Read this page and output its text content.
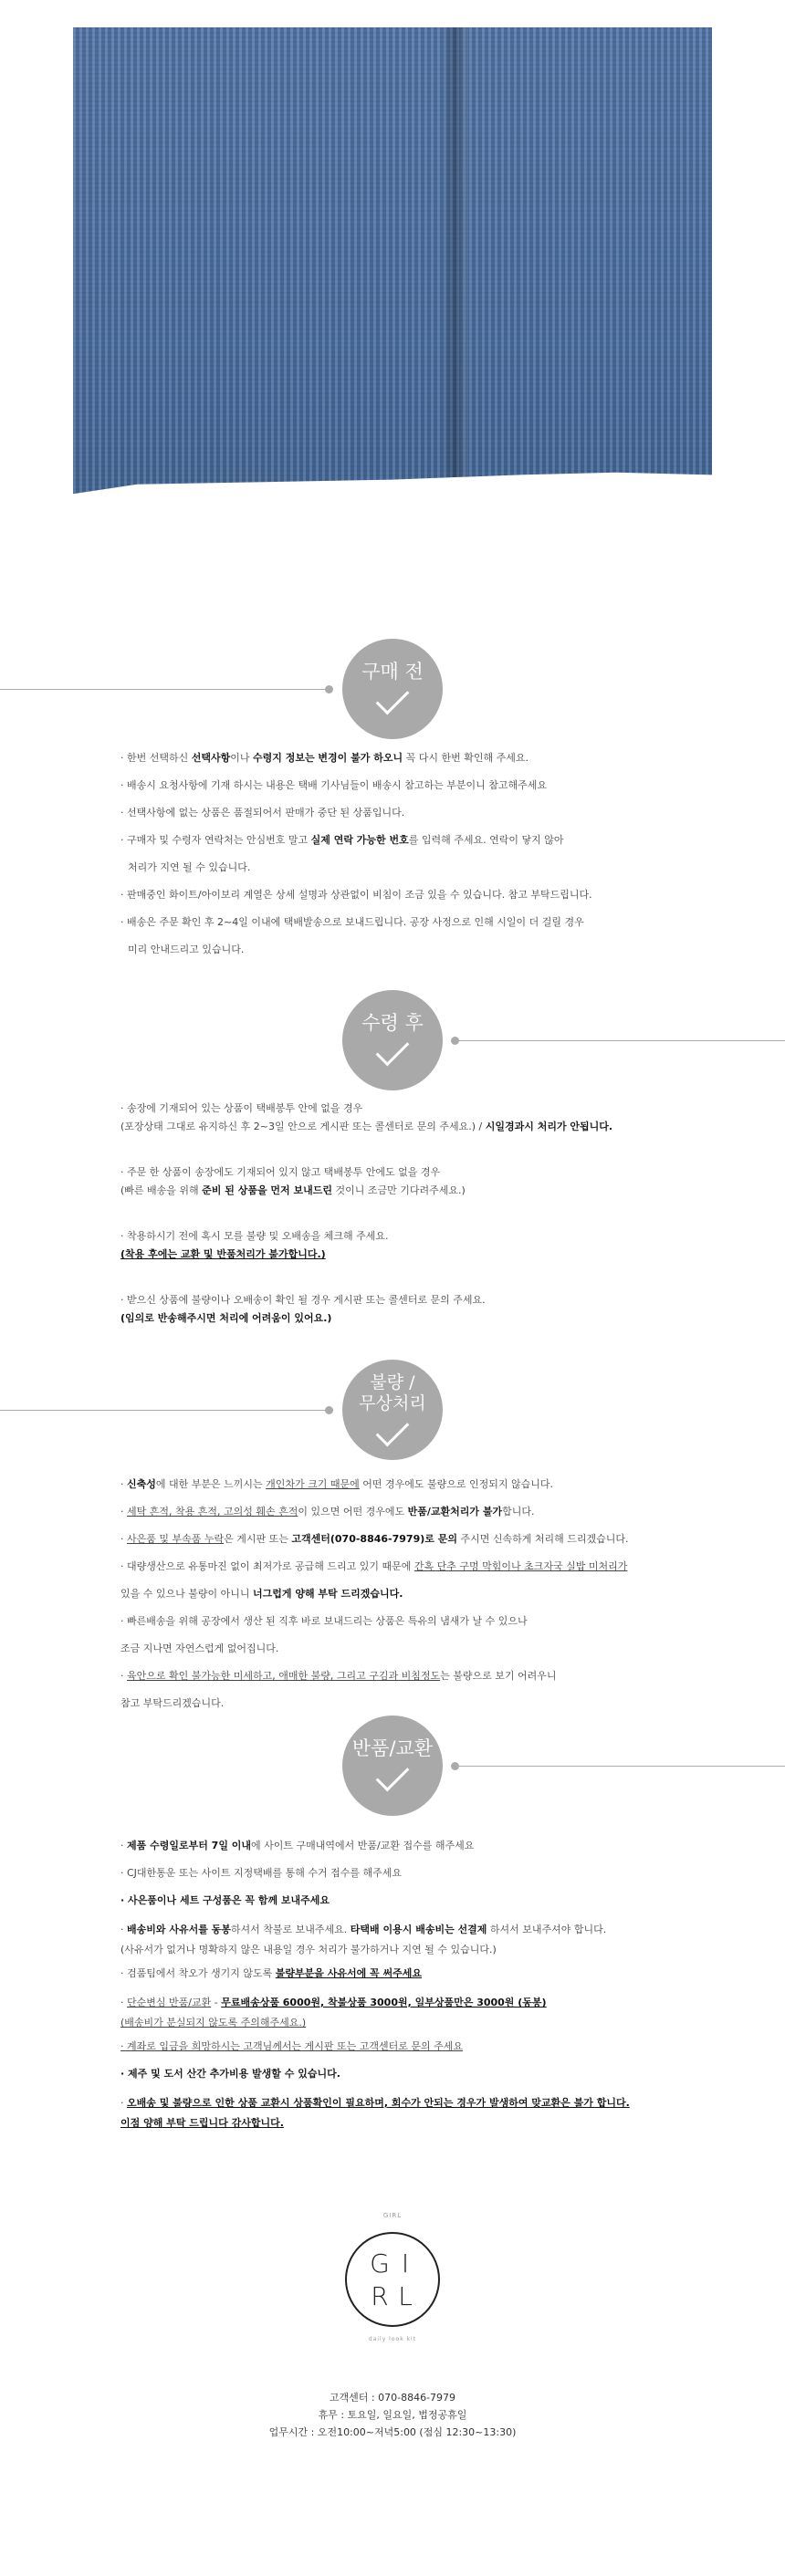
구매 전

· 한번 선택하신 선택사항이나 수령지 정보는 변경이 불가 하오니 꼭 다시 한번 확인해 주세요.

· 배송시 요청사항에 기재 하시는 내용은 택배 기사님들이 배송시 참고하는 부분이니 참고해주세요

· 선택사항에 없는 상품은 품절되어서 판매가 중단 된 상품입니다.

· 구매자 및 수령자 연락처는 안심번호 말고 실제 연락 가능한 번호를 입력해 주세요. 연락이 닿지 않아

처리가 지연 될 수 있습니다.

· 판매중인 화이트/아이보리 계열은 상세 설명과 상관없이 비침이 조금 있을 수 있습니다. 참고 부탁드립니다.

· 배송은 주문 확인 후 2~4일 이내에 택배발송으로 보내드립니다. 공장 사정으로 인해 시일이 더 걸릴 경우

미리 안내드리고 있습니다.

수령 후

· 송장에 기재되어 있는 상품이 택배봉투 안에 없을 경우

(포장상태 그대로 유지하신 후 2~3일 안으로 게시판 또는 콜센터로 문의 주세요.) / 시일경과시 처리가 안됩니다.

· 주문 한 상품이 송장에도 기재되어 있지 않고 택배봉투 안에도 없을 경우

(빠른 배송을 위해 준비 된 상품을 먼저 보내드린 것이니 조금만 기다려주세요.)

· 착용하시기 전에 혹시 모를 불량 및 오배송을 체크해 주세요.

(착용 후에는 교환 및 반품처리가 불가합니다.)

· 받으신 상품에 불량이나 오배송이 확인 될 경우 게시판 또는 콜센터로 문의 주세요.

(임의로 반송해주시면 처리에 어려움이 있어요.)

불량 /
무상처리

· 신축성에 대한 부분은 느끼시는 개인차가 크기 때문에 어떤 경우에도 불량으로 인정되지 않습니다.

· 세탁 흔적, 착용 흔적, 고의성 훼손 흔적이 있으면 어떤 경우에도 반품/교환처리가 불가합니다.

· 사은품 및 부속품 누락은 게시판 또는 고객센터(070-8846-7979)로 문의 주시면 신속하게 처리해 드리겠습니다.

· 대량생산으로 유통마진 없이 최저가로 공급해 드리고 있기 때문에 간혹 단추 구멍 막힘이나 초크자국 실밥 미처리가

있을 수 있으나 불량이 아니니 너그럽게 양해 부탁 드리겠습니다.

· 빠른배송을 위해 공장에서 생산 된 직후 바로 보내드리는 상품은 특유의 냄새가 날 수 있으나

조금 지나면 자연스럽게 없어집니다.

· 육안으로 확인 불가능한 미세하고, 애매한 불량, 그리고 구김과 비침정도는 불량으로 보기 어려우니

참고 부탁드리겠습니다.

반품/교환

· 제품 수령일로부터 7일 이내에 사이트 구매내역에서 반품/교환 접수를 해주세요

· CJ대한통운 또는 사이트 지정택배를 통해 수거 접수를 해주세요

· 사은품이나 세트 구성품은 꼭 함께 보내주세요

· 배송비와 사유서를 동봉하셔서 착불로 보내주세요. 타택배 이용시 배송비는 선결제 하셔서 보내주셔야 합니다.

(사유서가 없거나 명확하지 않은 내용일 경우 처리가 불가하거나 지연 될 수 있습니다.)

· 검품팀에서 착오가 생기지 않도록 불량부분을 사유서에 꼭 써주세요

· 단순변심 반품/교환 - 무료배송상품 6000원, 착불상품 3000원, 일부상품만은 3000원 (동봉)

(배송비가 분실되지 않도록 주의해주세요.)

· 계좌로 입금을 희망하시는 고객님께서는 게시판 또는 고객센터로 문의 주세요

· 제주 및 도서 산간 추가비용 발생할 수 있습니다.

· 오배송 및 불량으로 인한 상품 교환시 상품확인이 필요하며, 회수가 안되는 경우가 발생하여 맞교환은 불가 합니다.

이점 양해 부탁 드립니다 감사합니다.

GIRL
G I
R L
daily look kit

고객센터 : 070-8846-7979

휴무 : 토요일, 일요일, 법정공휴일

업무시간 : 오전10:00~저녁5:00 (점심 12:30~13:30)
